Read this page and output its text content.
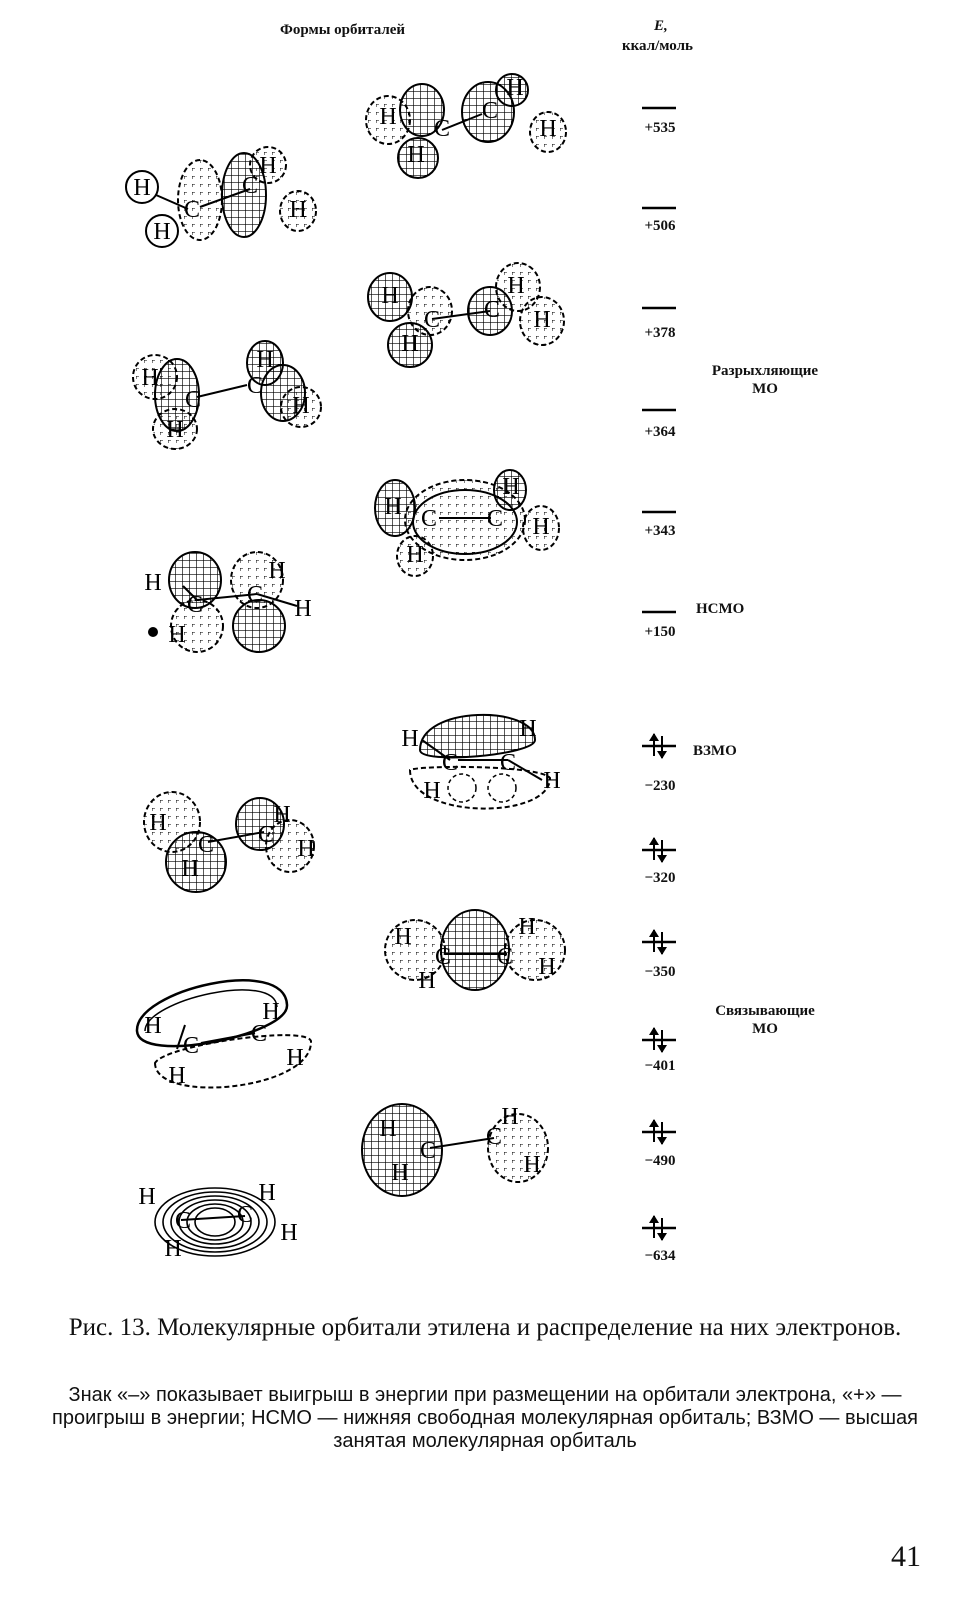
H C
C
H
H
H
H
H
C
C
H
H
H
C C
H
H
H
H
C
C
H
H
H
H C C
H
H
H
H
C C
H
H
H
H
C C
H
H	H
H
C C
H
H
H
H
C C
H
H
H
H
C C
H
H
H
H
C
C
H
H	H
H
C C
H
H
H
Формы орбиталей	E,
ккал/моль
+535
+506
+378
+364
+343
+150
−230
−320
−350
−401
−490
−634
Разрыхляющие
МО
НСМО
ВЗМО
Связывающие
МО
Рис. 13. Молекулярные орбитали этилена и распределение на них электронов.
Знак «–» показывает выигрыш в энергии при размещении на орбитали электрона, «+» — проигрыш в энергии; НСМО — нижняя свободная молекулярная орбиталь; ВЗМО — высшая занятая молекулярная орбиталь
41
